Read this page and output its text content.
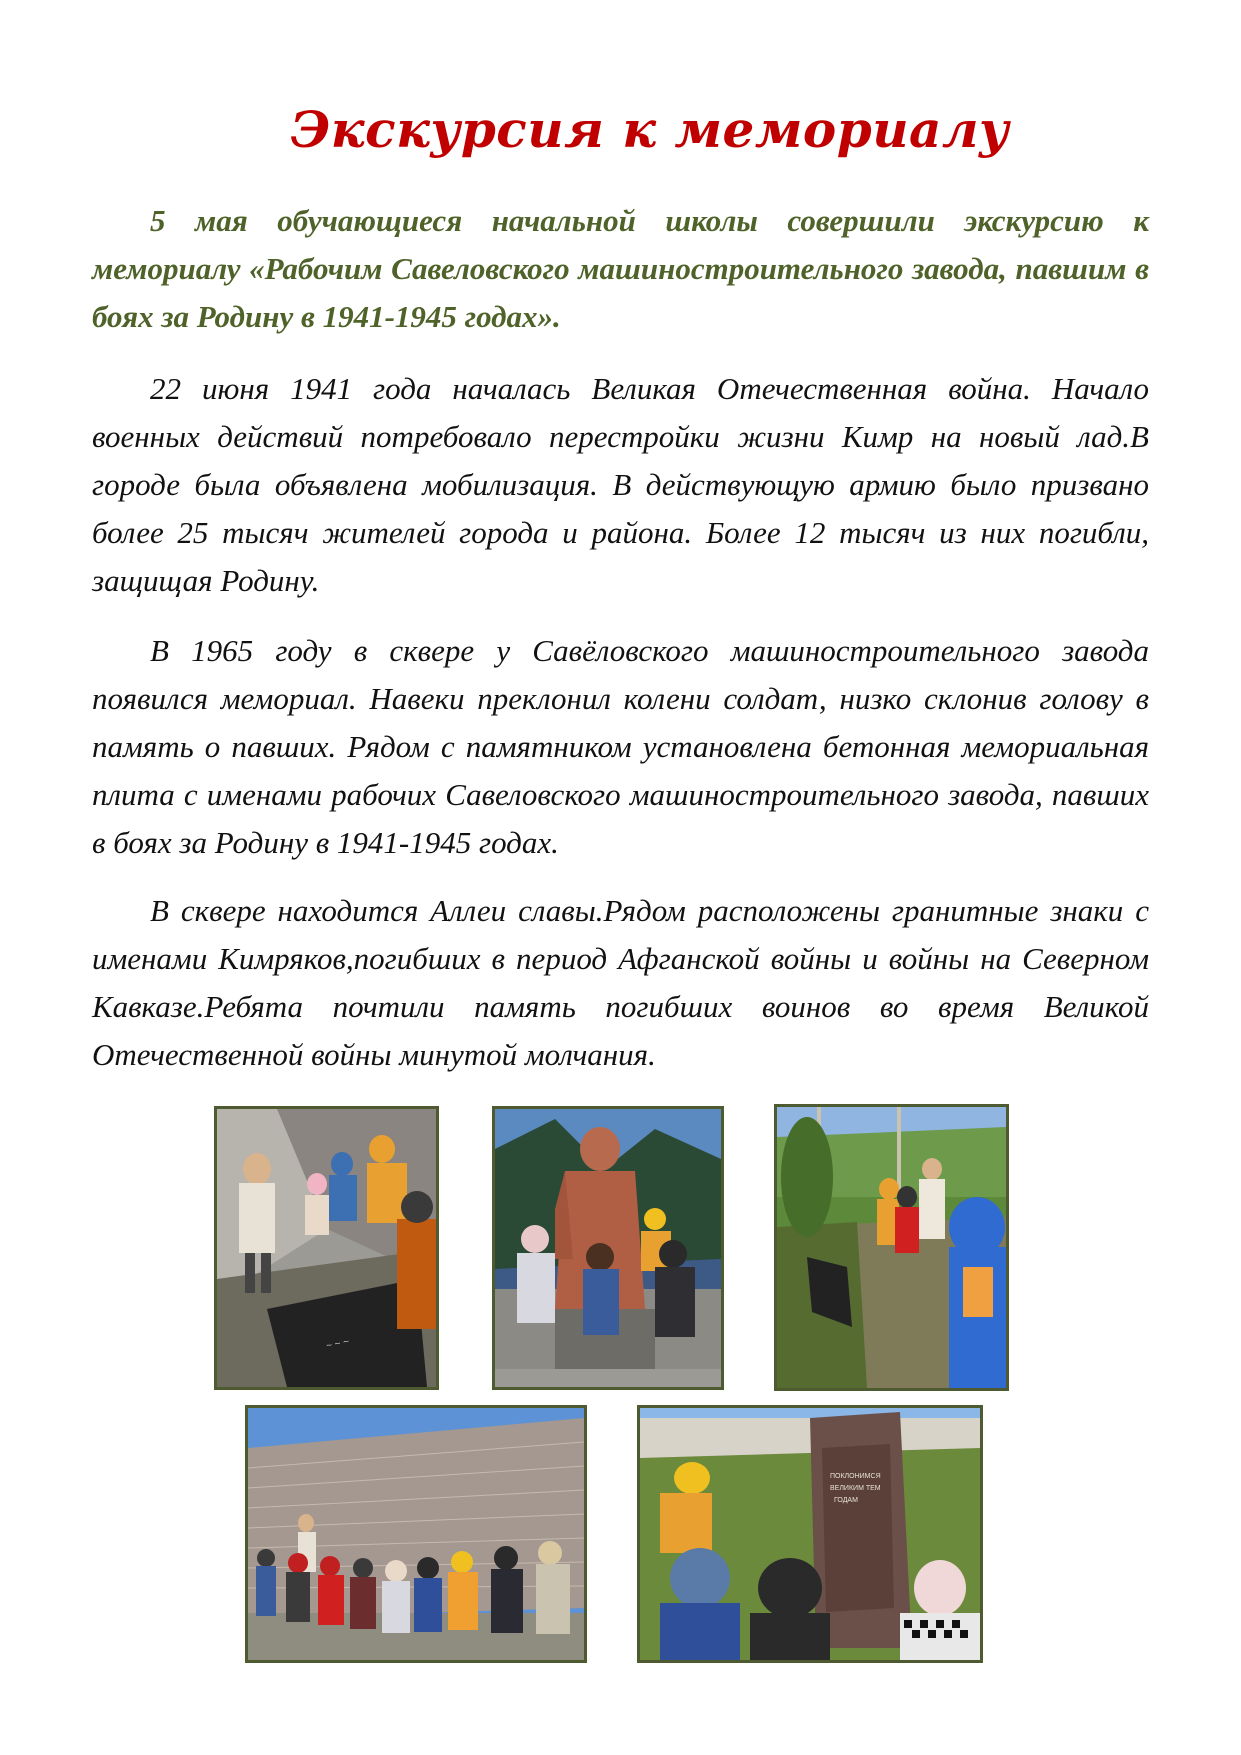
Экскурсия к мемориалу

5 мая обучающиеся начальной школы совершили экскурсию к мемориалу «Рабочим Савеловского машиностроительного завода, павшим в боях за Родину в 1941-1945 годах».

22 июня 1941 года началась Великая Отечественная война. Начало военных действий потребовало перестройки жизни Кимр на новый лад.В городе была объявлена мобилизация. В действующую армию было призвано более 25 тысяч жителей города и района. Более 12 тысяч из них погибли, защищая Родину.

В 1965 году в сквере у Савёловского машиностроительного завода появился мемориал. Навеки преклонил колени солдат, низко склонив голову в память о павших. Рядом с памятником установлена бетонная мемориальная плита с именами рабочих Савеловского машиностроительного завода, павших в боях за Родину в 1941-1945 годах.

В сквере находится Аллеи славы.Рядом расположены гранитные знаки с именами Кимряков,погибших в период Афганской войны и войны на Северном Кавказе.Ребята почтили память погибших воинов во время Великой Отечественной войны минутой молчания.

~ ~ ~
ПОКЛОНИМСЯ
ВЕЛИКИМ ТЕМ
ГОДАМ
